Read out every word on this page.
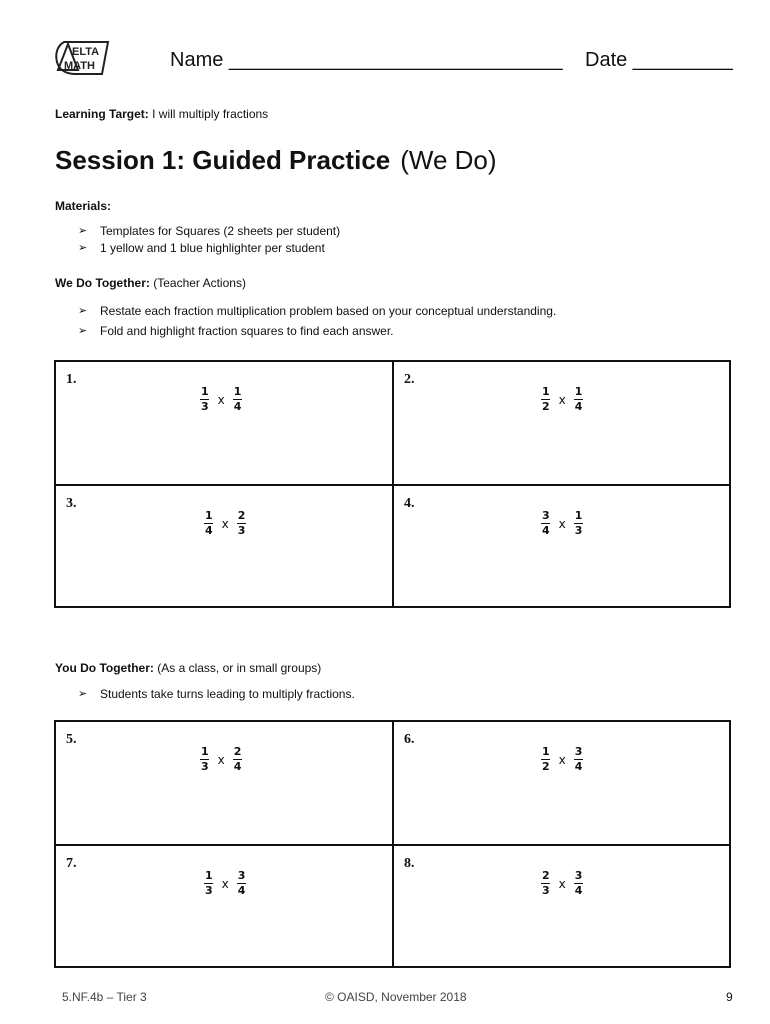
ELTA
MATH	Name ______________________________ Date _________
Learning Target: I will multiply fractions
Session 1: Guided Practice (We Do)
Materials:
➢ Templates for Squares (2 sheets per student)
➢ 1 yellow and 1 blue highlighter per student
We Do Together: (Teacher Actions)
➢ Restate each fraction multiplication problem based on your conceptual understanding.
➢ Fold and highlight fraction squares to find each answer.
1.
$\frac{1}{3}$ x $\frac{1}{4}$
2.
$\frac{1}{2}$ x $\frac{1}{4}$
3.
$\frac{1}{4}$ x $\frac{2}{3}$
4.
$\frac{3}{4}$ x $\frac{1}{3}$
You Do Together: (As a class, or in small groups)
➢ Students take turns leading to multiply fractions.
5.
$\frac{1}{3}$ x $\frac{2}{4}$
6.
$\frac{1}{2}$ x $\frac{3}{4}$
7.
$\frac{1}{3}$ x $\frac{3}{4}$
8.
$\frac{2}{3}$ x $\frac{3}{4}$
5.NF.4b – Tier 3	© OAISD, November 2018	9
